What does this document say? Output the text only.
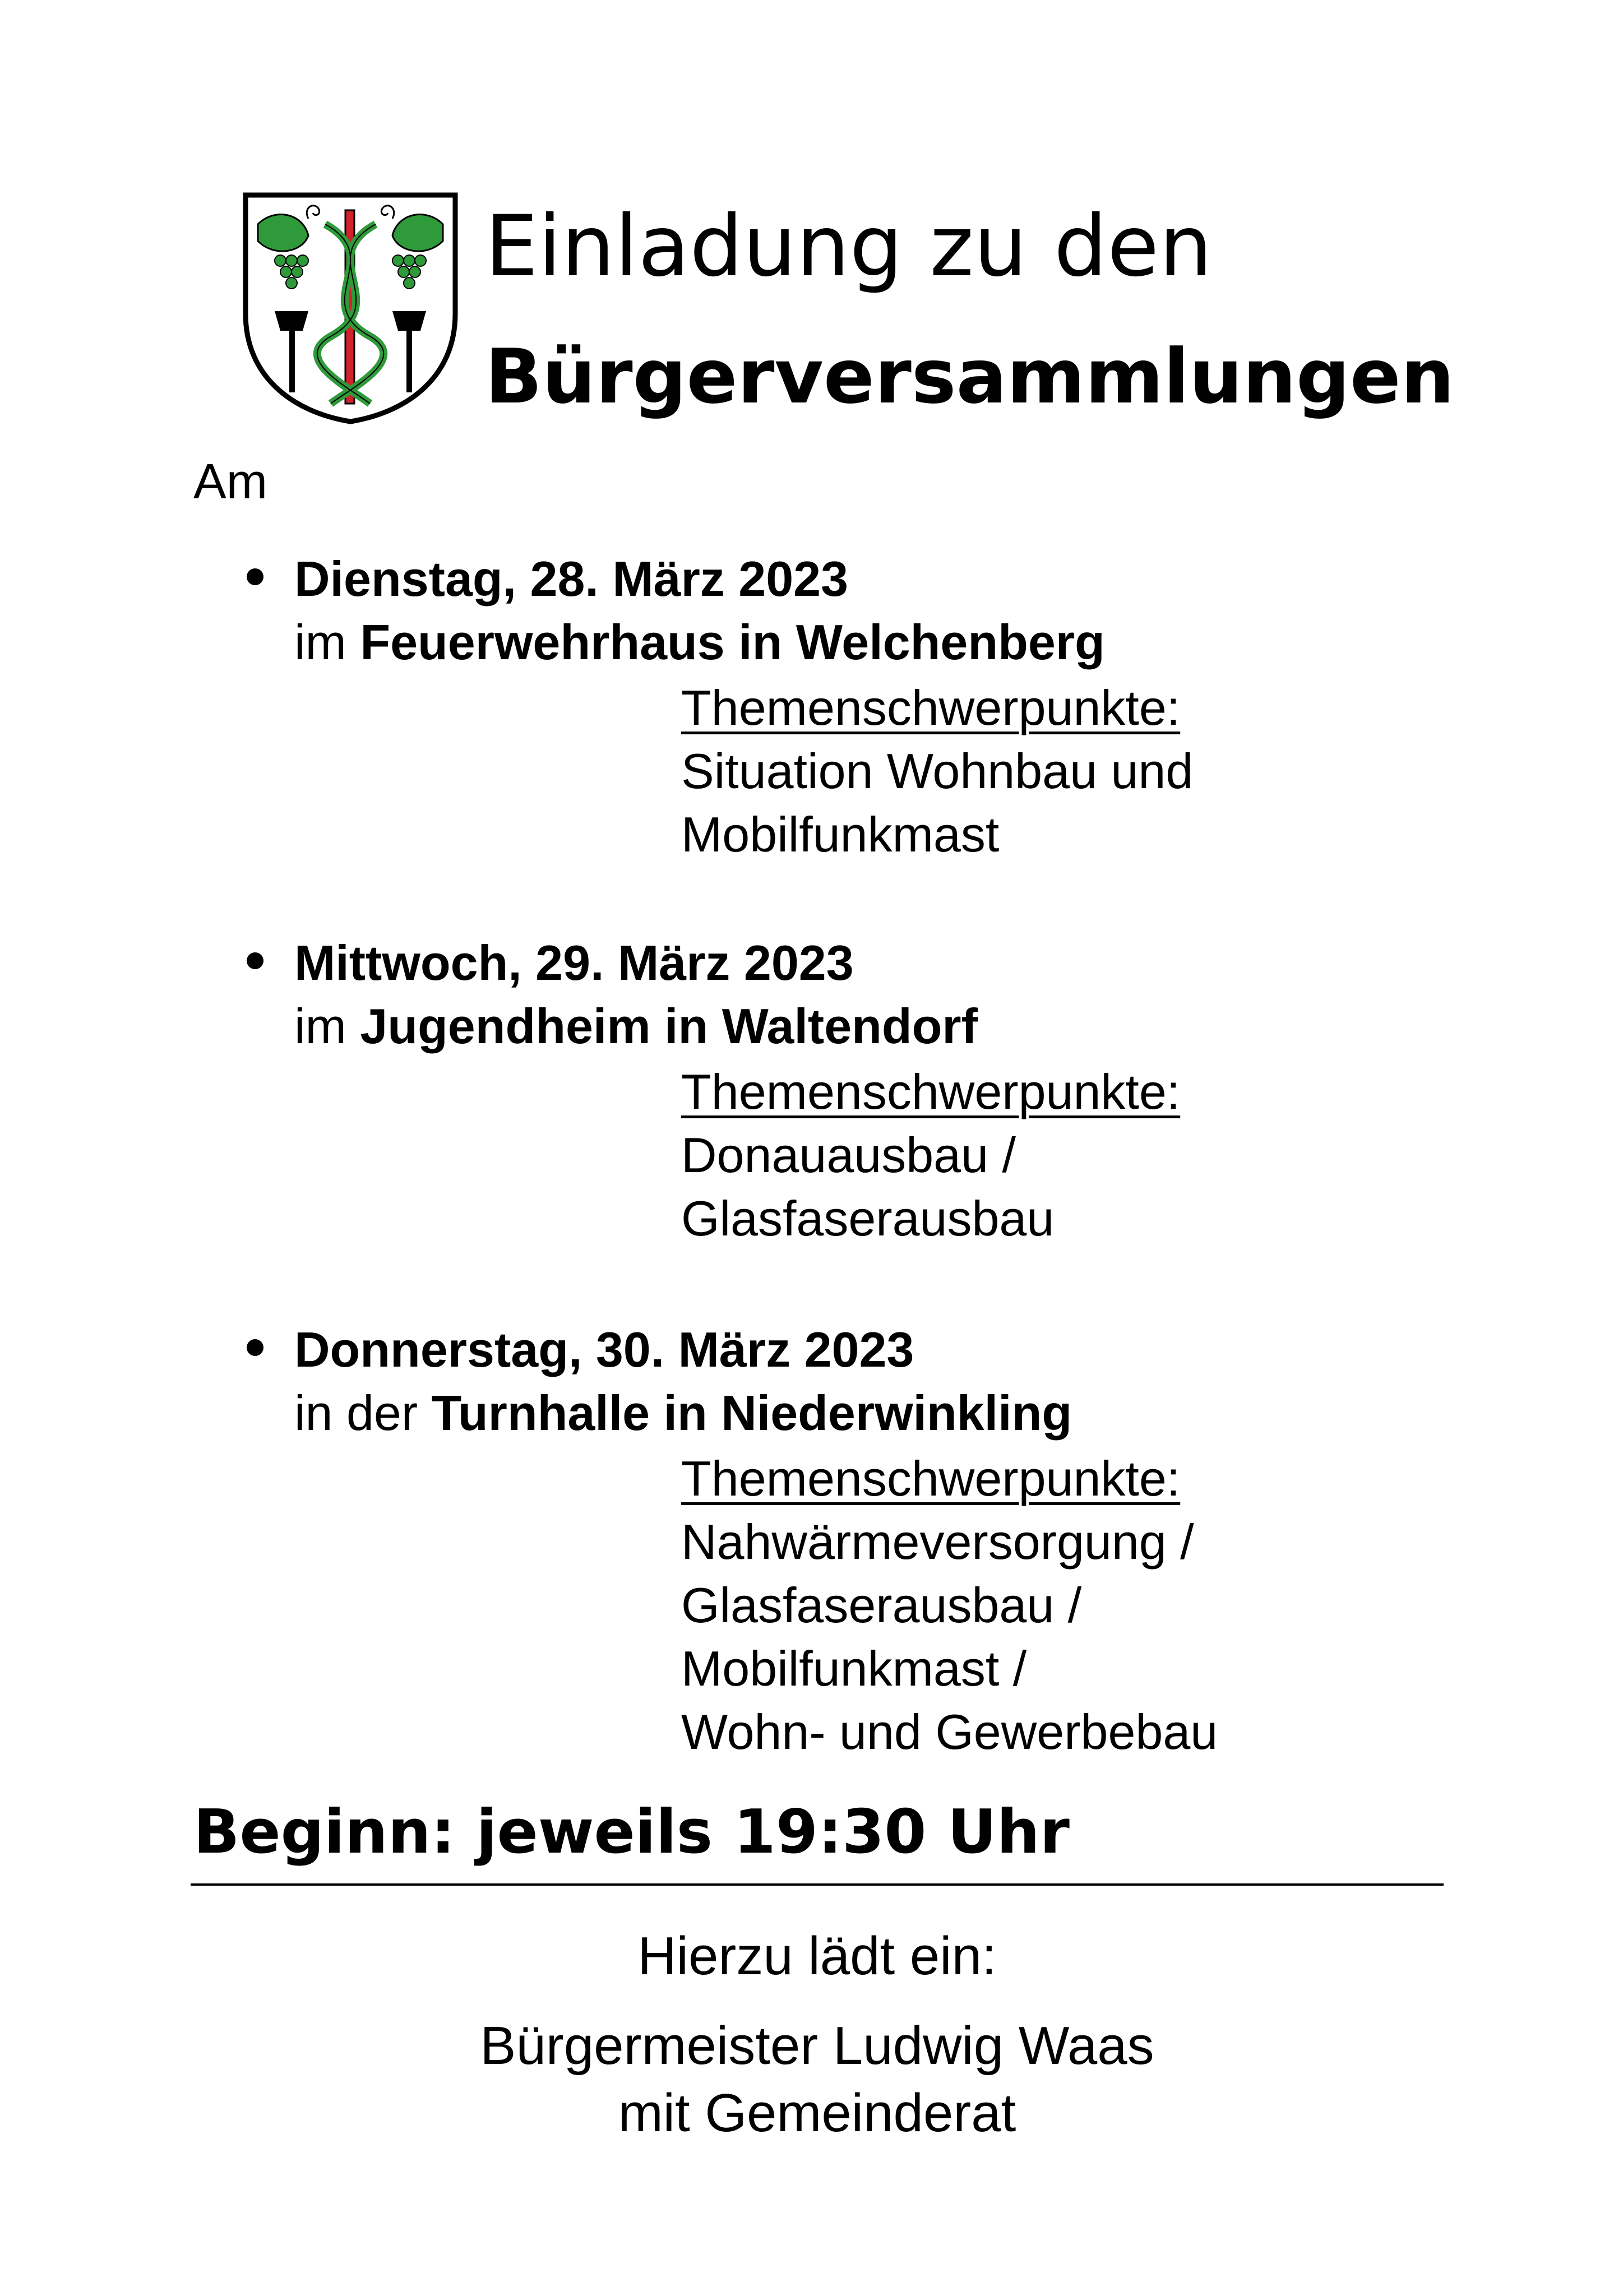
Einladung zu den
Bürgerversammlungen
Am
Dienstag, 28. März 2023
im Feuerwehrhaus in Welchenberg
Themenschwerpunkte:
Situation Wohnbau und
Mobilfunkmast
Mittwoch, 29. März 2023
im Jugendheim in Waltendorf
Themenschwerpunkte:
Donauausbau /
Glasfaserausbau
Donnerstag, 30. März 2023
in der Turnhalle in Niederwinkling
Themenschwerpunkte:
Nahwärmeversorgung /
Glasfaserausbau /
Mobilfunkmast /
Wohn- und Gewerbebau
Beginn: jeweils 19:30 Uhr
Hierzu lädt ein:
Bürgermeister Ludwig Waas
mit Gemeinderat
